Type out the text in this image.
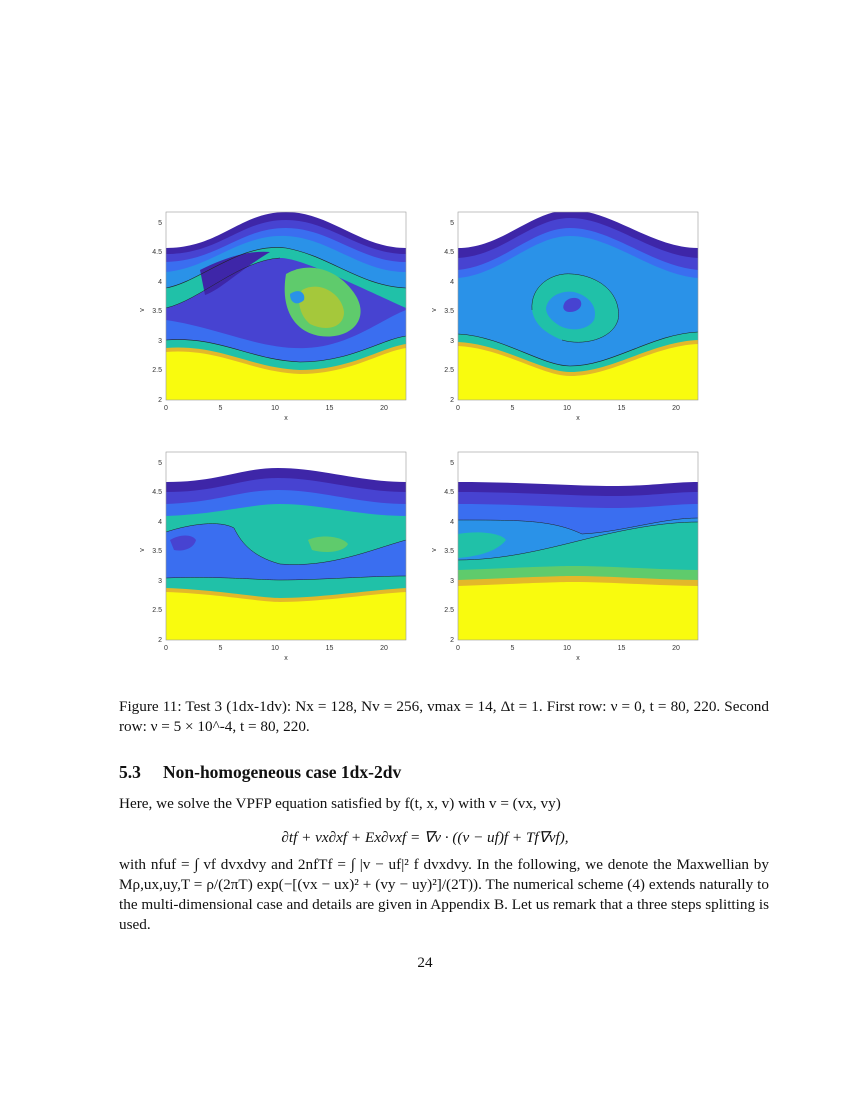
0	5	10	15	20
x
2
2.5
3
3.5
4
4.5
5
v
0	5	10	15	20
x
2
2.5
3
3.5
4
4.5
5
v
0	5	10	15	20
x
2
2.5
3
3.5
4
4.5
5
v
0	5	10	15	20
x
2
2.5
3
3.5
4
4.5
5
v
Figure 11: Test 3 (1dx-1dv): Nx = 128, Nv = 256, vmax = 14, Δt = 1. First row: ν = 0, t = 80, 220. Second row: ν = 5 × 10^-4, t = 80, 220.
5.3 Non-homogeneous case 1dx-2dv
Here, we solve the VPFP equation satisfied by f(t, x, v) with v = (vx, vy)
∂tf + vx∂xf + Ex∂vxf = ∇v · ((v − uf)f + Tf∇vf),
with nfuf = ∫ vf dvxdvy and 2nfTf = ∫ |v − uf|² f dvxdvy. In the following, we denote the Maxwellian by Mρ,ux,uy,T = ρ/(2πT) exp(−[(vx − ux)² + (vy − uy)²]/(2T)). The numerical scheme (4) extends naturally to the multi-dimensional case and details are given in Appendix B. Let us remark that a three steps splitting is used.
24
